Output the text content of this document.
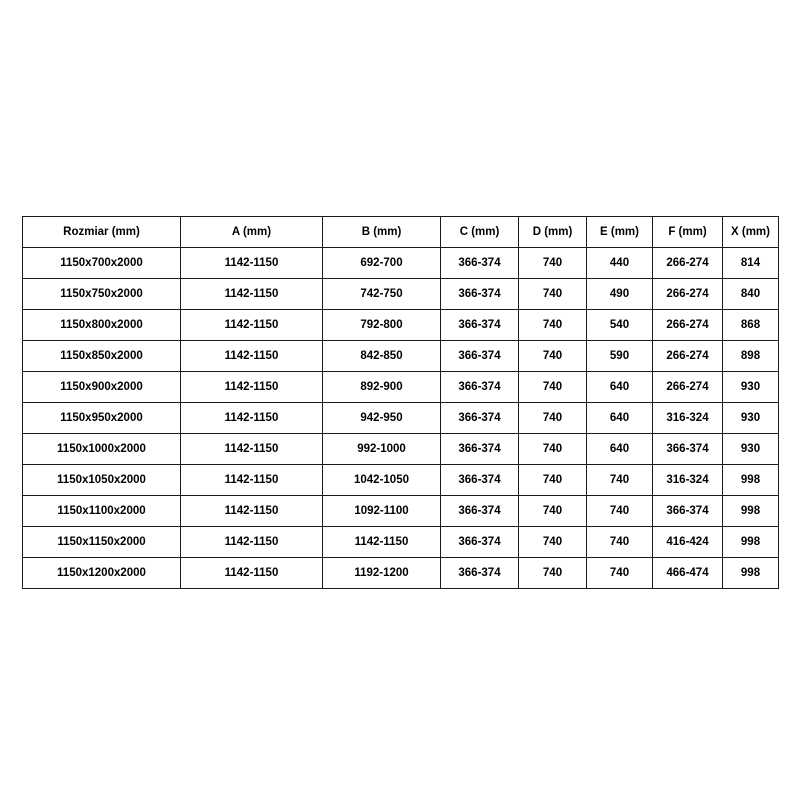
Rozmiar (mm)	A (mm)	B (mm)	C (mm)	D (mm)	E (mm)	F (mm)	X (mm)
1150x700x2000	1142-1150	692-700	366-374	740	440	266-274	814
1150x750x2000	1142-1150	742-750	366-374	740	490	266-274	840
1150x800x2000	1142-1150	792-800	366-374	740	540	266-274	868
1150x850x2000	1142-1150	842-850	366-374	740	590	266-274	898
1150x900x2000	1142-1150	892-900	366-374	740	640	266-274	930
1150x950x2000	1142-1150	942-950	366-374	740	640	316-324	930
1150x1000x2000	1142-1150	992-1000	366-374	740	640	366-374	930
1150x1050x2000	1142-1150	1042-1050	366-374	740	740	316-324	998
1150x1100x2000	1142-1150	1092-1100	366-374	740	740	366-374	998
1150x1150x2000	1142-1150	1142-1150	366-374	740	740	416-424	998
1150x1200x2000	1142-1150	1192-1200	366-374	740	740	466-474	998
